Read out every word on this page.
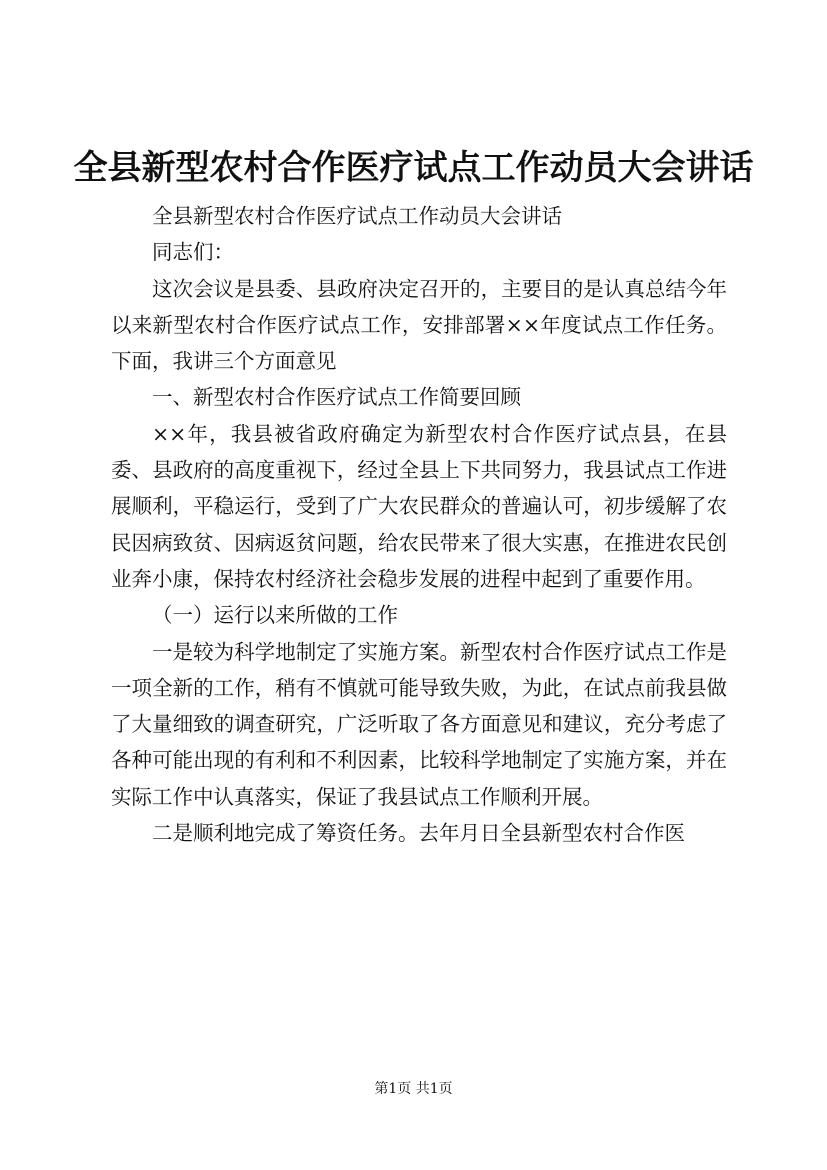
全县新型农村合作医疗试点工作动员大会讲话

全县新型农村合作医疗试点工作动员大会讲话

同志们：

这次会议是县委、县政府决定召开的，主要目的是认真总结今年以来新型农村合作医疗试点工作，安排部署××年度试点工作任务。下面，我讲三个方面意见

一、新型农村合作医疗试点工作简要回顾

××年，我县被省政府确定为新型农村合作医疗试点县，在县委、县政府的高度重视下，经过全县上下共同努力，我县试点工作进展顺利，平稳运行，受到了广大农民群众的普遍认可，初步缓解了农民因病致贫、因病返贫问题，给农民带来了很大实惠，在推进农民创业奔小康，保持农村经济社会稳步发展的进程中起到了重要作用。

（一）运行以来所做的工作

一是较为科学地制定了实施方案。新型农村合作医疗试点工作是一项全新的工作，稍有不慎就可能导致失败，为此，在试点前我县做了大量细致的调查研究，广泛听取了各方面意见和建议，充分考虑了各种可能出现的有利和不利因素，比较科学地制定了实施方案，并在实际工作中认真落实，保证了我县试点工作顺利开展。

二是顺利地完成了筹资任务。去年月日全县新型农村合作医

第1页 共1页
